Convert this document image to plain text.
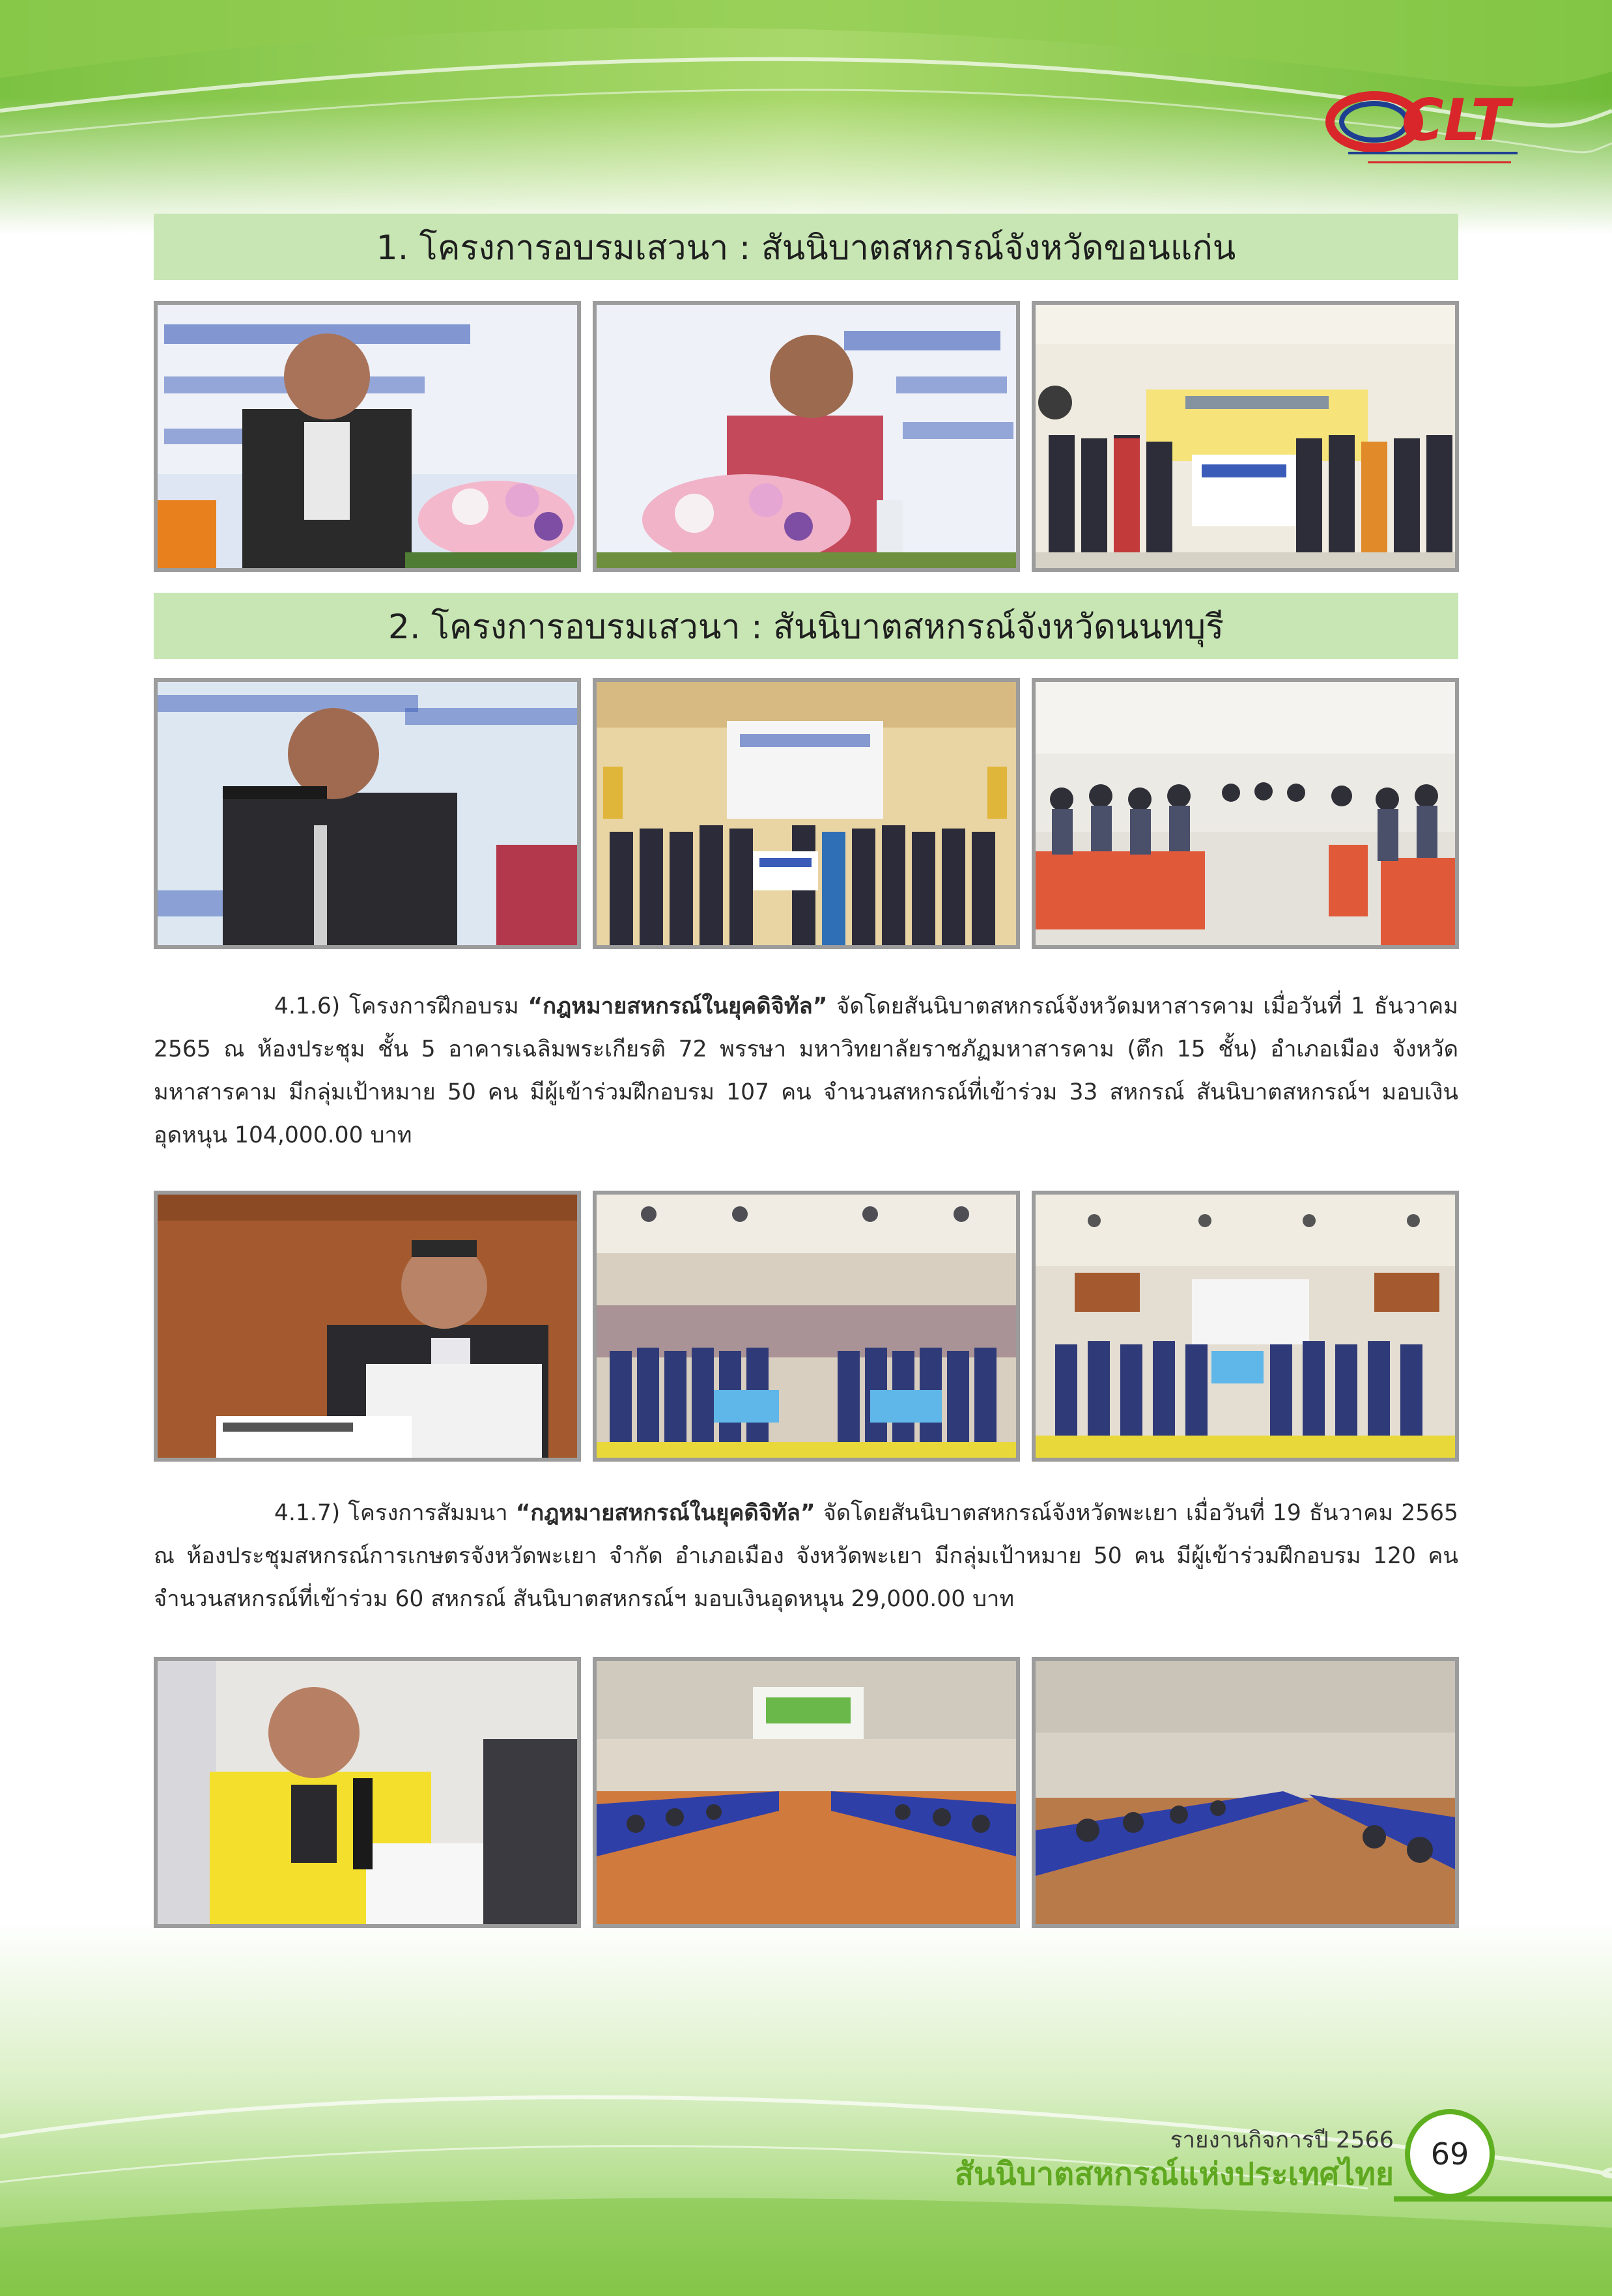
CLT
1. โครงการอบรมเสวนา : สันนิบาตสหกรณ์จังหวัดขอนแก่น
2. โครงการอบรมเสวนา : สันนิบาตสหกรณ์จังหวัดนนทบุรี
4.1.6) โครงการฝึกอบรม “กฎหมายสหกรณ์ในยุคดิจิทัล” จัดโดยสันนิบาตสหกรณ์จังหวัดมหาสารคาม เมื่อวันที่ 1 ธันวาคม 2565 ณ ห้องประชุม ชั้น 5 อาคารเฉลิมพระเกียรติ 72 พรรษา มหาวิทยาลัยราชภัฏมหาสารคาม (ตึก 15 ชั้น) อำเภอเมือง จังหวัดมหาสารคาม มีกลุ่มเป้าหมาย 50 คน มีผู้เข้าร่วมฝึกอบรม 107 คน จำนวนสหกรณ์ที่เข้าร่วม 33 สหกรณ์ สันนิบาตสหกรณ์ฯ มอบเงินอุดหนุน 104,000.00 บาท
4.1.7) โครงการสัมมนา “กฎหมายสหกรณ์ในยุคดิจิทัล” จัดโดยสันนิบาตสหกรณ์จังหวัดพะเยา เมื่อวันที่ 19 ธันวาคม 2565 ณ ห้องประชุมสหกรณ์การเกษตรจังหวัดพะเยา จำกัด อำเภอเมือง จังหวัดพะเยา มีกลุ่มเป้าหมาย 50 คน มีผู้เข้าร่วมฝึกอบรม 120 คน จำนวนสหกรณ์ที่เข้าร่วม 60 สหกรณ์ สันนิบาตสหกรณ์ฯ มอบเงินอุดหนุน 29,000.00 บาท
รายงานกิจการปี 2566
สันนิบาตสหกรณ์แห่งประเทศไทย
69
